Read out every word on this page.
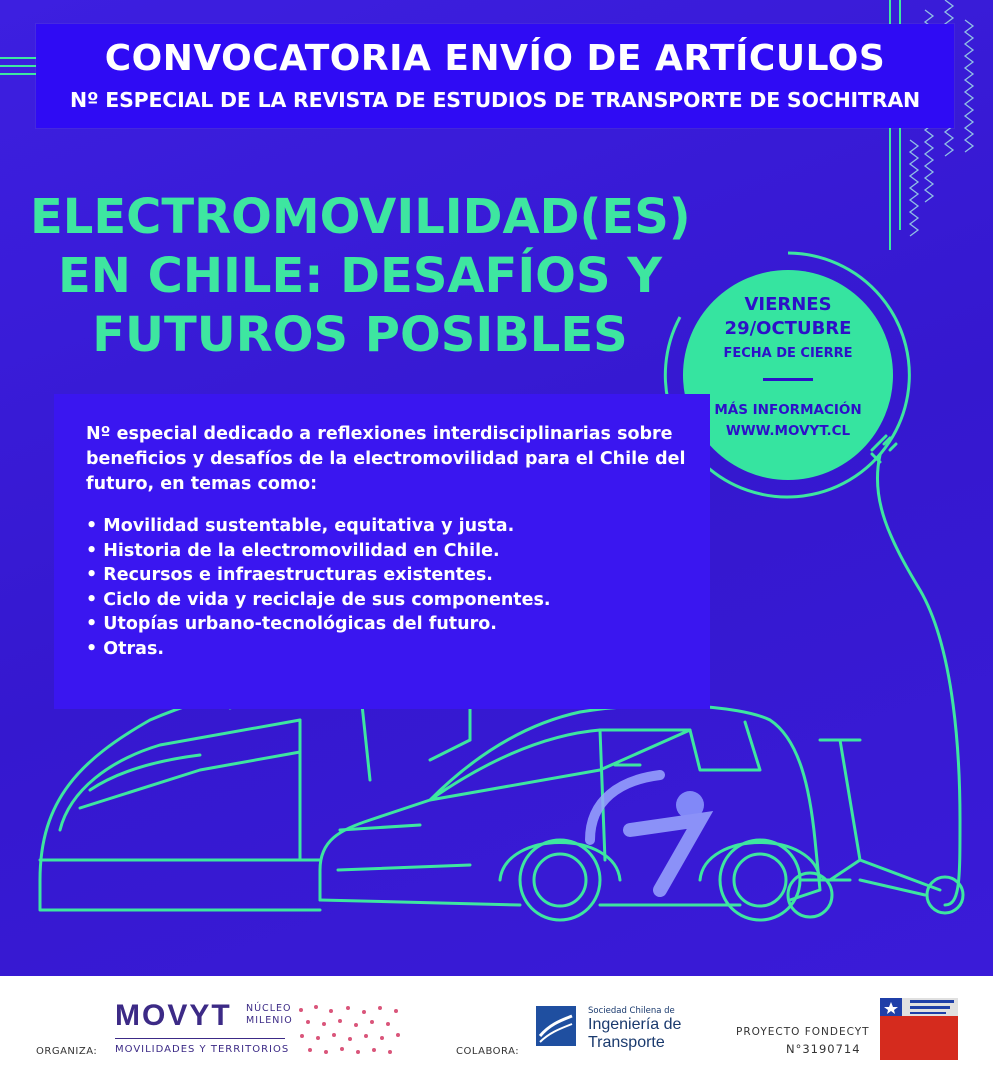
CONVOCATORIA ENVÍO DE ARTÍCULOS
Nº ESPECIAL DE LA REVISTA DE ESTUDIOS DE TRANSPORTE DE SOCHITRAN
ELECTROMOVILIDAD(ES)
EN CHILE: DESAFÍOS Y
FUTUROS POSIBLES
VIERNES
29/OCTUBRE
FECHA DE CIERRE
MÁS INFORMACIÓN
WWW.MOVYT.CL
Nº especial dedicado a reflexiones interdisciplinarias sobre beneficios y desafíos de la electromovilidad para el Chile del futuro, en temas como:
• Movilidad sustentable, equitativa y justa.
• Historia de la electromovilidad en Chile.
• Recursos e infraestructuras existentes.
• Ciclo de vida y reciclaje de sus componentes.
• Utopías urbano-tecnológicas del futuro.
• Otras.
ORGANIZA:
MOVYT NÚCLEO
MILENIO
MOVILIDADES Y TERRITORIOS	COLABORA:
Sociedad Chilena de
Ingeniería de
Transporte
PROYECTO FONDECYT
N°3190714
